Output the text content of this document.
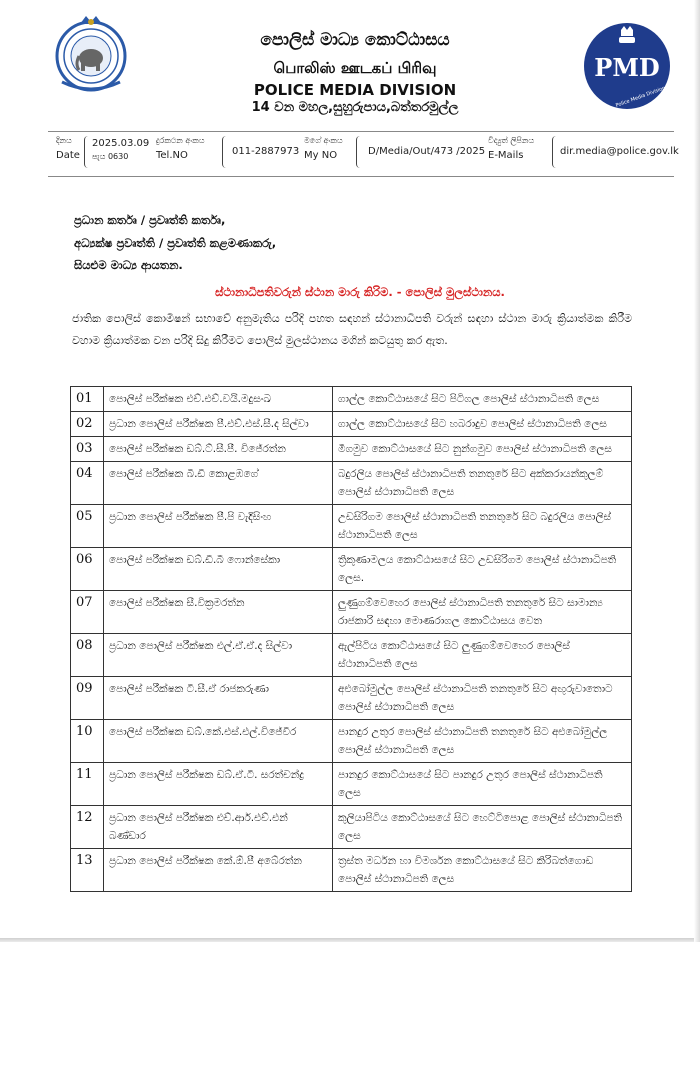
පොලිස් මාධ්‍ය කොට්ඨාසය
பொலிஸ் ஊடகப் பிரிவு
POLICE MEDIA DIVISION
14 වන මහල,සුහුරුපාය,බත්තරමුල්ල
PMD
Police Media Division
දිනය
Date
2025.03.09
පැය 0630
දුරකථන අංකය
Tel.NO	011-2887973
මගේ අංකය
My NO	D/Media/Out/473 /2025
විද්‍යුත් ලිපිනය
E-Mails	dir.media@police.gov.lk
ප්‍රධාන කර්තෘ / ප්‍රවෘත්ති කර්තෘ,
අධ්‍යක්ෂ ප්‍රවෘත්ති / ප්‍රවෘත්ති කළමණාකරු,
සියළුම මාධ්‍ය ආයතන.
ස්ථානාධිපතිවරුන් ස්ථාන මාරු කිරිම. - පොලිස් මුලස්ථානය.
ජාතික පොලිස් කොමිෂන් සභාවේ අනුමැතිය පරිදි පහත සඳහන් ස්ථානාධිපති වරුන් සඳහා ස්ථාන මාරු ක්‍රියාත්මක කිරීම වහාම ක්‍රියාත්මක වන පරිදි සිදු කිරීමට පොලිස් මුලස්ථානය මගින් කටයුතු කර ඇත.
01	පොලිස් පරීක්ෂක එච්.එච්.වයි.මදුසංඛ	ගාල්ල කොට්ඨාසයේ සිට පිටිගල පොලිස් ස්ථානාධිපති ලෙස
02	ප්‍රධාන පොලිස් පරීක්ෂක පී.එච්.එස්.සී.ද සිල්වා	ගාල්ල කොට්ඨාසයේ සිට හබරාදුව පොලිස් ස්ථානාධිපති ලෙස
03	පොලිස් පරීක්ෂක ඩබ්.ට්.සී.පී. විජේරත්න	මීගමුව කොට්ඨාසයේ සිට නුන්ගමුව පොලිස් ස්ථානාධිපති ලෙස
04	පොලිස් පරීක්ෂක බී.ඩී කොළඹගේ	බදුරලිය පොලිස් ස්ථානාධිපති තනතුරේ සිට අක්කරායන්කුලම් පොලිස් ස්ථානාධිපති ලෙස
05	ප්‍රධාන පොලිස් පරීක්ෂක පී.පි වැදිසිංහ	උඩසිරිගම පොලිස් ස්ථානාධිපති තනතුරේ සිට බදුරලිය පොලිස් ස්ථානාධිපති ලෙස
06	පොලිස් පරීක්ෂක ඩබ්.ඩී.බී ෆොන්සේකා	ත්‍රිකුණාමලය කොට්ඨාසයේ සිට උඩසිරිගම පොලිස් ස්ථානාධිපති ලෙස.
07	පොලිස් පරීක්ෂක සී.වික්‍රමරත්න	ලුණුගම්වෙහෙර පොලිස් ස්ථානාධිපති තනතුරේ සිට සාමාන්‍ය රාජකාරි සඳහා මොණරාගල කොට්ඨාසය වෙත
08	ප්‍රධාන පොලිස් පරීක්ෂක එල්.ඒ.ඒ.ද සිල්වා	ඇල්පිටිය කොට්ඨාසයේ සිට ලුණුගම්වෙහෙර පොලිස් ස්ථානාධිපති ලෙස
09	පොලිස් පරීක්ෂක ටී.සී.ඒ රාජකරුණා	අළුබෝමුල්ල පොලිස් ස්ථානාධිපති තනතුරේ සිට අඟුරුවාතොට පොලිස් ස්ථානාධිපති ලෙස
10	පොලිස් පරීක්ෂක ඩබ්.කේ.එස්.එල්.විජේවීර	පානදුර උතුර පොලිස් ස්ථානාධිපති තනතුරේ සිට අළුබෝමුල්ල පොලිස් ස්ථානාධිපති ලෙස
11	ප්‍රධාන පොලිස් පරීක්ෂක ඩබ්.ඒ.ටී. සරත්චන්ද්‍ර	පානදුර කොට්ඨාසයේ සිට පානදුර උතුර පොලිස් ස්ථානාධිපති ලෙස
12	ප්‍රධාන පොලිස් පරීක්ෂක එච්.ආර්.එච්.එන් බණ්ඩාර	කුලියාපිටිය කොට්ඨාසයේ සිට හෙට්ටිපොළ පොලිස් ස්ථානාධිපති ලෙස
13	ප්‍රධාන පොලිස් පරීක්ෂක කේ.ඕ.පී අබේරත්න	ත්‍රස්ත මර්ධන හා විමර්ශන කොට්ඨාසයේ සිට කිරිබත්ගොඩ පොලිස් ස්ථානාධිපති ලෙස
